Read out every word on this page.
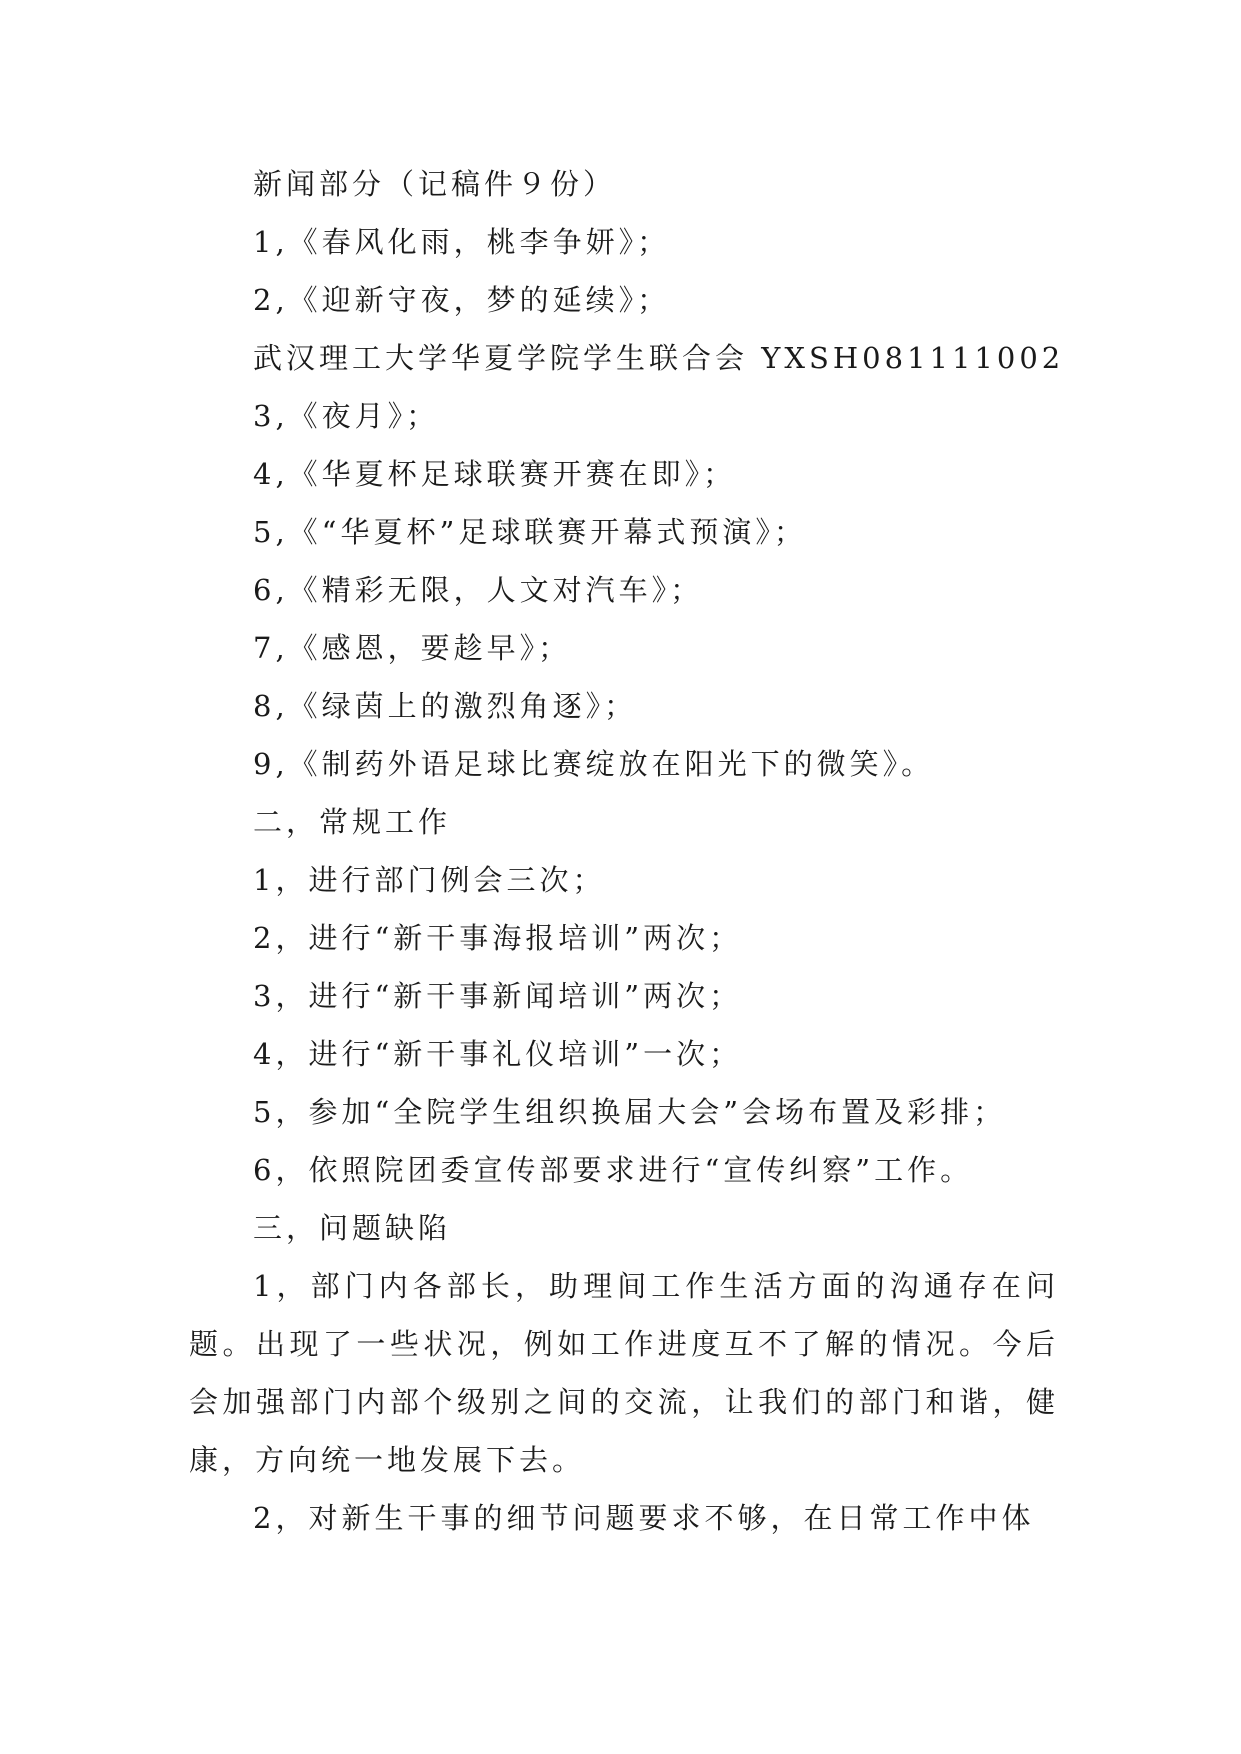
新闻部分（记稿件９份）

1,《春风化雨，桃李争妍》；

2,《迎新守夜，梦的延续》；

武汉理工大学华夏学院学生联合会 YXSH081111002

3,《夜月》；

4,《华夏杯足球联赛开赛在即》；

5,《“华夏杯”足球联赛开幕式预演》；

6,《精彩无限，人文对汽车》；

7,《感恩，要趁早》；

8,《绿茵上的激烈角逐》；

9,《制药外语足球比赛绽放在阳光下的微笑》。

二，常规工作

1，进行部门例会三次；

2，进行“新干事海报培训”两次；

3，进行“新干事新闻培训”两次；

4，进行“新干事礼仪培训”一次；

5，参加“全院学生组织换届大会”会场布置及彩排；

6，依照院团委宣传部要求进行“宣传纠察”工作。

三，问题缺陷

1，部门内各部长，助理间工作生活方面的沟通存在问题。出现了一些状况，例如工作进度互不了解的情况。今后会加强部门内部个级别之间的交流，让我们的部门和谐，健康，方向统一地发展下去。

2，对新生干事的细节问题要求不够，在日常工作中体
